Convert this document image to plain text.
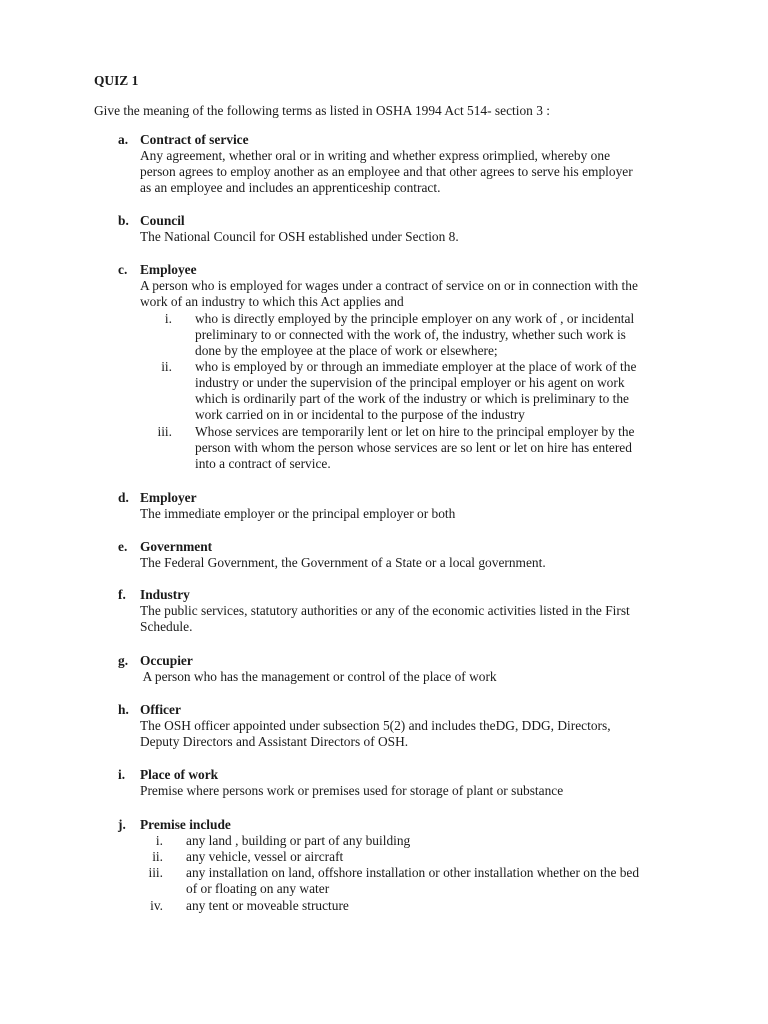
QUIZ 1
Give the meaning of the following terms as listed in OSHA 1994 Act 514- section 3 :
a. Contract of service
Any agreement, whether oral or in writing and whether express orimplied, whereby one
person agrees to employ another as an employee and that other agrees to serve his employer
as an employee and includes an apprenticeship contract.
b. Council
The National Council for OSH established under Section 8.
c. Employee
A person who is employed for wages under a contract of service on or in connection with the
work of an industry to which this Act applies and
i. who is directly employed by the principle employer on any work of , or incidental
preliminary to or connected with the work of, the industry, whether such work is
done by the employee at the place of work or elsewhere;
ii. who is employed by or through an immediate employer at the place of work of the
industry or under the supervision of the principal employer or his agent on work
which is ordinarily part of the work of the industry or which is preliminary to the
work carried on in or incidental to the purpose of the industry
iii. Whose services are temporarily lent or let on hire to the principal employer by the
person with whom the person whose services are so lent or let on hire has entered
into a contract of service.
d. Employer
The immediate employer or the principal employer or both
e. Government
The Federal Government, the Government of a State or a local government.
f. Industry
The public services, statutory authorities or any of the economic activities listed in the First
Schedule.
g. Occupier
A person who has the management or control of the place of work
h. Officer
The OSH officer appointed under subsection 5(2) and includes theDG, DDG, Directors,
Deputy Directors and Assistant Directors of OSH.
i. Place of work
Premise where persons work or premises used for storage of plant or substance
j. Premise include
i. any land , building or part of any building
ii. any vehicle, vessel or aircraft
iii. any installation on land, offshore installation or other installation whether on the bed
of or floating on any water
iv. any tent or moveable structure
